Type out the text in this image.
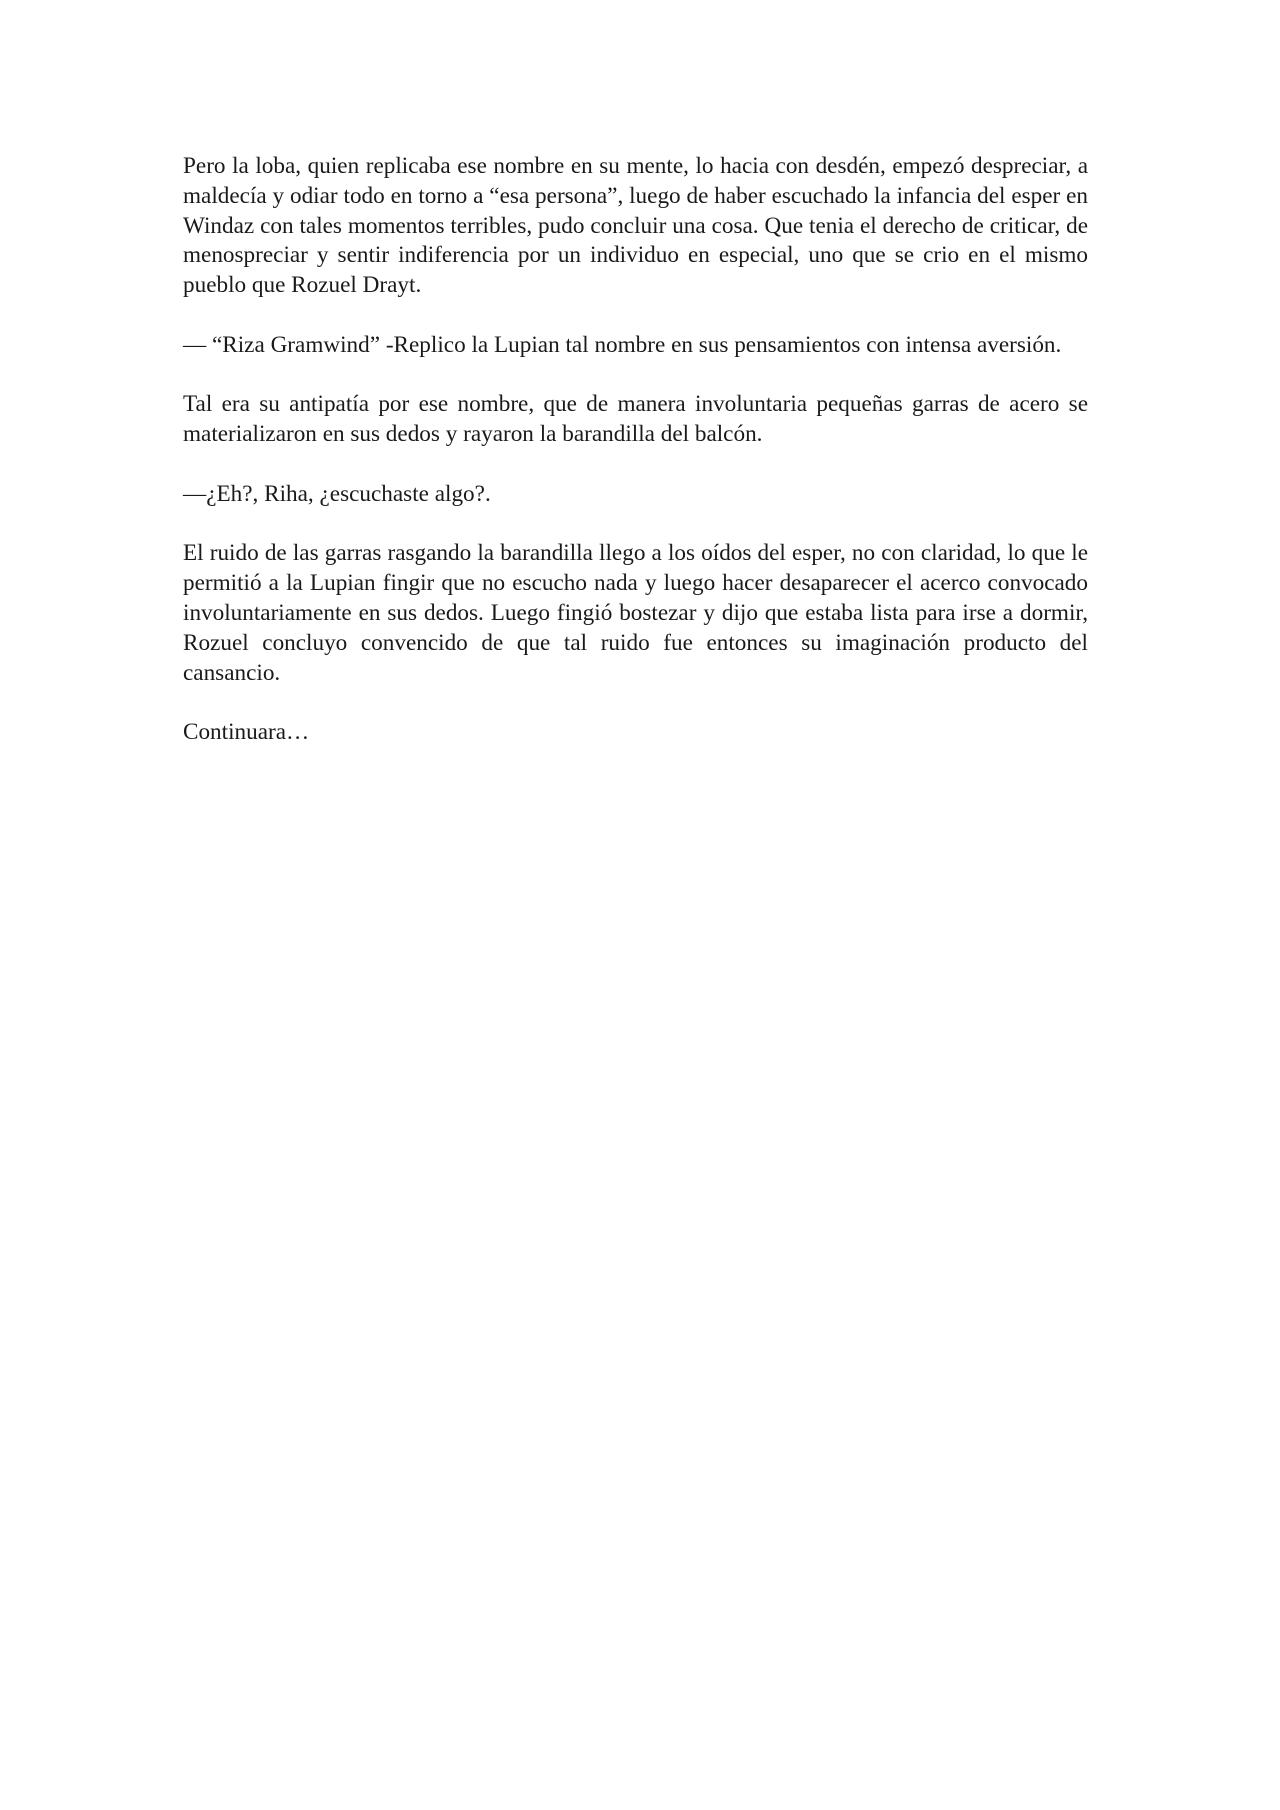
Pero la loba, quien replicaba ese nombre en su mente, lo hacia con desdén, empezó despreciar, a maldecía y odiar todo en torno a “esa persona”, luego de haber escuchado la infancia del esper en Windaz con tales momentos terribles, pudo concluir una cosa. Que tenia el derecho de criticar, de menospreciar y sentir indiferencia por un individuo en especial, uno que se crio en el mismo pueblo que Rozuel Drayt.

— “Riza Gramwind” -Replico la Lupian tal nombre en sus pensamientos con intensa aversión.

Tal era su antipatía por ese nombre, que de manera involuntaria pequeñas garras de acero se materializaron en sus dedos y rayaron la barandilla del balcón.

—¿Eh?, Riha, ¿escuchaste algo?.

El ruido de las garras rasgando la barandilla llego a los oídos del esper, no con claridad, lo que le permitió a la Lupian fingir que no escucho nada y luego hacer desaparecer el acerco convocado involuntariamente en sus dedos. Luego fingió bostezar y dijo que estaba lista para irse a dormir, Rozuel concluyo convencido de que tal ruido fue entonces su imaginación producto del cansancio.

Continuara…
